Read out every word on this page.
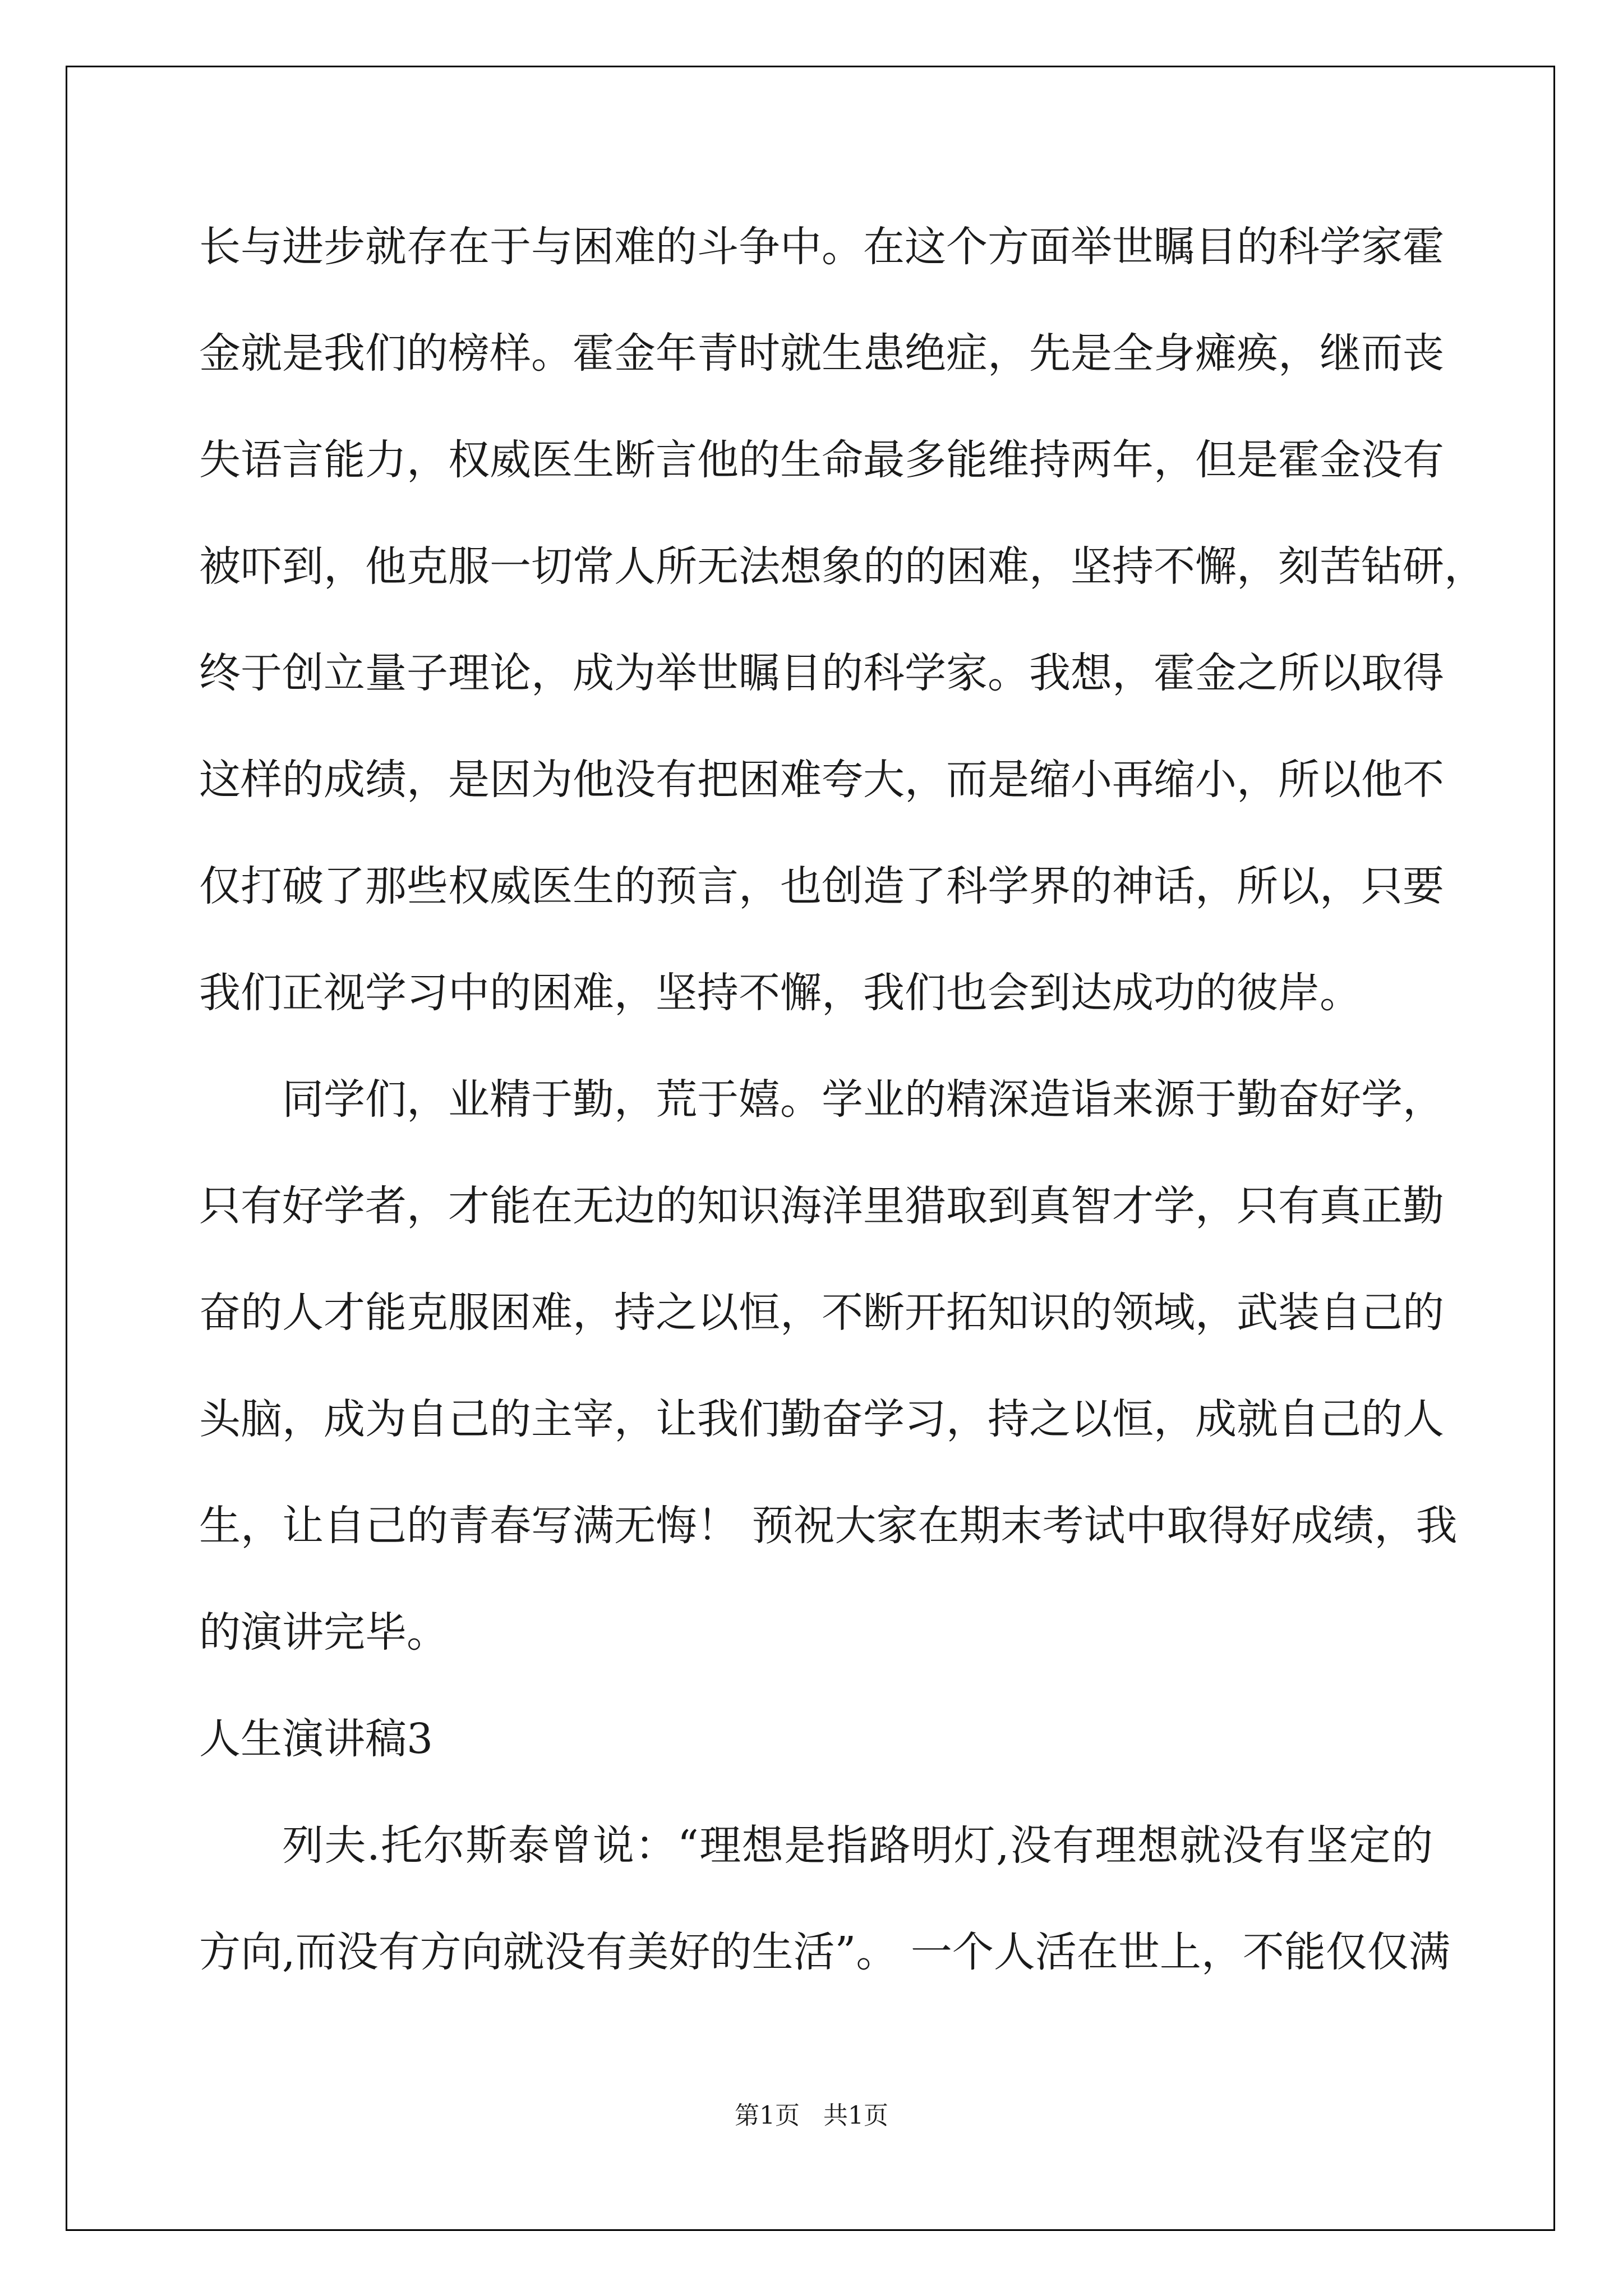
长与进步就存在于与困难的斗争中。在这个方面举世瞩目的科学家霍
金就是我们的榜样。霍金年青时就生患绝症，先是全身瘫痪，继而丧
失语言能力，权威医生断言他的生命最多能维持两年，但是霍金没有
被吓到，他克服一切常人所无法想象的的困难，坚持不懈，刻苦钻研，
终于创立量子理论，成为举世瞩目的科学家。我想，霍金之所以取得
这样的成绩，是因为他没有把困难夸大，而是缩小再缩小，所以他不
仅打破了那些权威医生的预言，也创造了科学界的神话，所以，只要
我们正视学习中的困难，坚持不懈，我们也会到达成功的彼岸。
同学们，业精于勤，荒于嬉。学业的精深造诣来源于勤奋好学，
只有好学者，才能在无边的知识海洋里猎取到真智才学，只有真正勤
奋的人才能克服困难，持之以恒，不断开拓知识的领域，武装自己的
头脑，成为自己的主宰，让我们勤奋学习，持之以恒，成就自己的人
生，让自己的青春写满无悔！ 预祝大家在期末考试中取得好成绩，我
的演讲完毕。
人生演讲稿3
列夫.托尔斯泰曾说：“理想是指路明灯,没有理想就没有坚定的
方向,而没有方向就没有美好的生活”。 一个人活在世上，不能仅仅满
第1页   共1页
